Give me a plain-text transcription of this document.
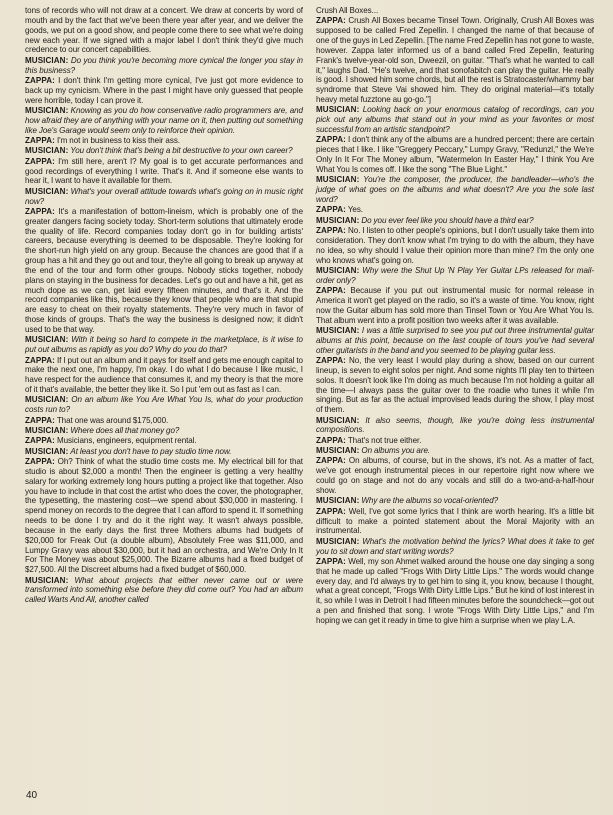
tons of records who will not draw at a concert. We draw at concerts by word of mouth and by the fact that we've been there year after year, and we deliver the goods, we put on a good show, and people come there to see what we're doing new each year. If we signed with a major label I don't think they'd give much credence to our concert capabilities.

MUSICIAN: Do you think you're becoming more cynical the longer you stay in this business?

ZAPPA: I don't think I'm getting more cynical, I've just got more evidence to back up my cynicism. Where in the past I might have only guessed that people were horrible, today I can prove it.

MUSICIAN: Knowing as you do how conservative radio programmers are, and how afraid they are of anything with your name on it, then putting out something like Joe's Garage would seem only to reinforce their opinion.

ZAPPA: I'm not in business to kiss their ass.

MUSICIAN: You don't think that's being a bit destructive to your own career?

ZAPPA: I'm still here, aren't I? My goal is to get accurate performances and good recordings of everything I write. That's it. And if someone else wants to hear it, I want to have it available for them.

MUSICIAN: What's your overall attitude towards what's going on in music right now?

ZAPPA: It's a manifestation of bottom-lineism, which is probably one of the greater dangers facing society today. Short-term solutions that ultimately erode the quality of life. Record companies today don't go in for building artists' careers, because everything is deemed to be disposable. They're looking for the short-run high yield on any group. Because the chances are good that if a group has a hit and they go out and tour, they're all going to break up anyway at the end of the tour and form other groups. Nobody sticks together, nobody plans on staying in the business for decades. Let's go out and have a hit, get as much dope as we can, get laid every fifteen minutes, and that's it. And the record companies like this, because they know that people who are that stupid are easy to cheat on their royalty statements. They're very much in favor of those kinds of groups. That's the way the business is designed now; it didn't used to be that way.

MUSICIAN: With it being so hard to compete in the marketplace, is it wise to put out albums as rapidly as you do? Why do you do that?

ZAPPA: If I put out an album and it pays for itself and gets me enough capital to make the next one, I'm happy, I'm okay. I do what I do because I like music, I have respect for the audience that consumes it, and my theory is that the more of it that's available, the better they like it. So I put 'em out as fast as I can.

MUSICIAN: On an album like You Are What You Is, what do your production costs run to?

ZAPPA: That one was around $175,000.

MUSICIAN: Where does all that money go?

ZAPPA: Musicians, engineers, equipment rental.

MUSICIAN: At least you don't have to pay studio time now.

ZAPPA: Oh? Think of what the studio time costs me. My electrical bill for that studio is about $2,000 a month! Then the engineer is getting a very healthy salary for working extremely long hours putting a project like that together. Also you have to include in that cost the artist who does the cover, the photographer, the typesetting, the mastering cost—we spend about $30,000 in mastering. I spend money on records to the degree that I can afford to spend it. If something needs to be done I try and do it the right way. It wasn't always possible, because in the early days the first three Mothers albums had budgets of $20,000 for Freak Out (a double album), Absolutely Free was $11,000, and Lumpy Gravy was about $30,000, but it had an orchestra, and We're Only In It For The Money was about $25,000. The Bizarre albums had a fixed budget of $27,500. All the Discreet albums had a fixed budget of $60,000.

MUSICIAN: What about projects that either never came out or were transformed into something else before they did come out? You had an album called Warts And All, another called

Crush All Boxes...

ZAPPA: Crush All Boxes became Tinsel Town. Originally, Crush All Boxes was supposed to be called Fred Zepellin. I changed the name of that because of one of the guys in Led Zepellin. [The name Fred Zepellin has not gone to waste, however. Zappa later informed us of a band called Fred Zepellin, featuring Frank's twelve-year-old son, Dweezil, on guitar. "That's what he wanted to call it," laughs Dad. "He's twelve, and that sonofabitch can play the guitar. He really is good. I showed him some chords, but all the rest is Stratocaster/whammy bar syndrome that Steve Vai showed him. They do original material—it's totally heavy metal fuzztone au go-go."]

MUSICIAN: Looking back on your enormous catalog of recordings, can you pick out any albums that stand out in your mind as your favorites or most successful from an artistic standpoint?

ZAPPA: I don't think any of the albums are a hundred percent; there are certain pieces that I like. I like "Greggery Peccary," Lumpy Gravy, "Redunzl," the We're Only In It For The Money album, "Watermelon In Easter Hay," I think You Are What You Is comes off. I like the song "The Blue Light."

MUSICIAN: You're the composer, the producer, the bandleader—who's the judge of what goes on the albums and what doesn't? Are you the sole last word?

ZAPPA: Yes.

MUSICIAN: Do you ever feel like you should have a third ear?

ZAPPA: No. I listen to other people's opinions, but I don't usually take them into consideration. They don't know what I'm trying to do with the album, they have no idea, so why should I value their opinion more than mine? I'm the only one who knows what's going on.

MUSICIAN: Why were the Shut Up 'N Play Yer Guitar LPs released for mail-order only?

ZAPPA: Because if you put out instrumental music for normal release in America it won't get played on the radio, so it's a waste of time. You know, right now the Guitar album has sold more than Tinsel Town or You Are What You Is. That album went into a profit position two weeks after it was available.

MUSICIAN: I was a little surprised to see you put out three instrumental guitar albums at this point, because on the last couple of tours you've had several other guitarists in the band and you seemed to be playing guitar less.

ZAPPA: No, the very least I would play during a show, based on our current lineup, is seven to eight solos per night. And some nights I'll play ten to thirteen solos. It doesn't look like I'm doing as much because I'm not holding a guitar all the time—I always pass the guitar over to the roadie who tunes it while I'm singing. But as far as the actual improvised leads during the show, I play most of them.

MUSICIAN: It also seems, though, like you're doing less instrumental compositions.

ZAPPA: That's not true either.

MUSICIAN: On albums you are.

ZAPPA: On albums, of course, but in the shows, it's not. As a matter of fact, we've got enough instrumental pieces in our repertoire right now where we could go on stage and not do any vocals and still do a two-and-a-half-hour show.

MUSICIAN: Why are the albums so vocal-oriented?

ZAPPA: Well, I've got some lyrics that I think are worth hearing. It's a little bit difficult to make a pointed statement about the Moral Majority with an instrumental.

MUSICIAN: What's the motivation behind the lyrics? What does it take to get you to sit down and start writing words?

ZAPPA: Well, my son Ahmet walked around the house one day singing a song that he made up called "Frogs With Dirty Little Lips." The words would change every day, and I'd always try to get him to sing it, you know, because I thought, what a great concept, "Frogs With Dirty Little Lips." But he kind of lost interest in it, so while I was in Detroit I had fifteen minutes before the soundcheck—got out a pen and finished that song. I wrote "Frogs With Dirty Little Lips," and I'm hoping we can get it ready in time to give him a surprise when we play L.A.

40
